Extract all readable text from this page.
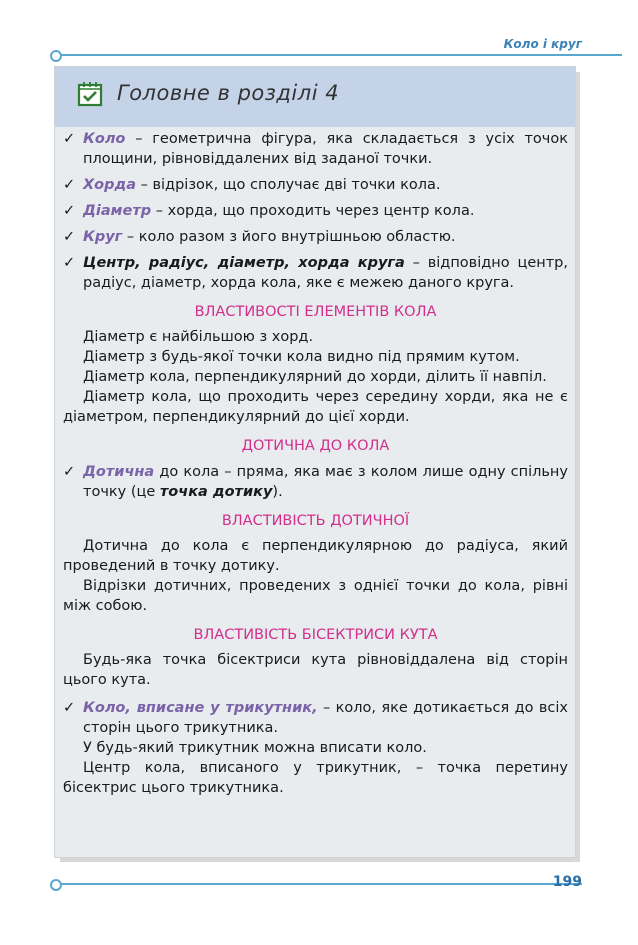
Коло і круг
Головне в розділі 4
✓ Коло – геометрична фігура, яка складається з усіх точок площини, рівновіддалених від заданої точки.
✓ Хорда – відрізок, що сполучає дві точки кола.
✓ Діаметр – хорда, що проходить через центр кола.
✓ Круг – коло разом з його внутрішньою областю.
✓ Центр, радіус, діаметр, хорда круга – відповідно центр, радіус, діаметр, хорда кола, яке є межею даного круга.
ВЛАСТИВОСТІ ЕЛЕМЕНТІВ КОЛА
Діаметр є найбільшою з хорд.
Діаметр з будь-якої точки кола видно під прямим кутом.
Діаметр кола, перпендикулярний до хорди, ділить її навпіл.
Діаметр кола, що проходить через середину хорди, яка не є діаметром, перпендикулярний до цієї хорди.
ДОТИЧНА ДО КОЛА
✓ Дотична до кола – пряма, яка має з колом лише одну спільну точку (це точка дотику).
ВЛАСТИВІСТЬ ДОТИЧНОЇ
Дотична до кола є перпендикулярною до радіуса, який проведений в точку дотику.
Відрізки дотичних, проведених з однієї точки до кола, рівні між собою.
ВЛАСТИВІСТЬ БІСЕКТРИСИ КУТА
Будь-яка точка бісектриси кута рівновіддалена від сторін цього кута.
✓ Коло, вписане у трикутник, – коло, яке дотикається до всіх сторін цього трикутника.
У будь-який трикутник можна вписати коло.
Центр кола, вписаного у трикутник, – точка перетину бісектрис цього трикутника.
199
